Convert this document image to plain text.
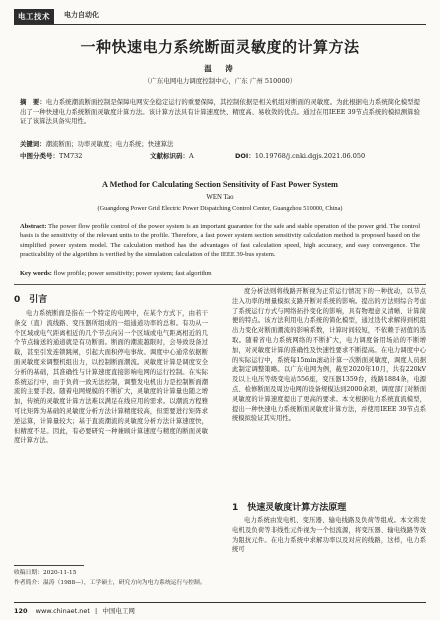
电工技术	电力自动化
一种快速电力系统断面灵敏度的计算方法
温　涛
（广东电网电力调度控制中心，广东 广州 510000）
摘　要：电力系统潮流断面控制是保障电网安全稳定运行的重要保障，其控制依据是相关机组对断面的灵敏度。为此根据电力系统简化模型提出了一种快速电力系统断面灵敏度计算方法。该计算方法具有计算速度快、精度高、易收敛的优点。通过在用IEEE 39节点系统的模拟测算验证了该算法具备实用性。
关键词：潮流断面；功率灵敏度；电力系统；快速算法
中图分类号：TM732	文献标识码：A	DOI：10.19768/j.cnki.dgjs.2021.06.050
A Method for Calculating Section Sensitivity of Fast Power System
WEN Tao
(Guangdong Power Grid Electric Power Dispatching Control Center, Guangzhou 510000, China)
Abstract: The power flow profile control of the power system is an important guarantee for the safe and stable operation of the power grid. The control basis is the sensitivity of the relevant units to the profile. Therefore, a fast power system section sensitivity calculation method is proposed based on the simplified power system model. The calculation method has the advantages of fast calculation speed, high accuracy, and easy convergence. The practicability of the algorithm is verified by the simulation calculation of the IEEE 39-bus system.
Key words: flow profile; power sensitivity; power system; fast algorithm
0　引言
电力系统断面是指在一个特定的电网中，在某个方式下，由若干条交（直）流线路、变压器所组成的一组通道功率的总和。有功从一个区域或电气距离相近的几个节点向另一个区域或电气距离相近的几个节点输送的通道就是有功断面。断面的潮流越限时，会导致设备过载，甚至引发连锁跳闸，引起大面积停电事故。调度中心通常依据断面灵敏度来调整机组出力，以控制断面潮流。灵敏度计算是调度安全分析的基础，其准确性与计算速度直接影响电网的运行控制。在实际系统运行中，由于负荷一致无法控制，调整发电机出力是控制断面潮流的主要手段。随着电网规模的不断扩大，灵敏度的计算量也随之增加，传统的灵敏度计算方法难以满足在线应用的需求。以潮流方程雅可比矩阵为基础的灵敏度分析方法计算精度较高，但需要进行矩阵求逆运算，计算量较大；基于直流潮流的灵敏度分析方法计算速度快，但精度不足。因此，有必要研究一种兼顾计算速度与精度的断面灵敏度计算方法。
度分析法则将线路开断视为正常运行情况下的一种扰动，以节点注入功率的增量模拟支路开断对系统的影响。提出的方法则综合考虑了系统运行方式与网络拓扑变化的影响，具有物理意义清晰、计算简便的特点。该方法利用电力系统的简化模型，通过迭代求解得到机组出力变化对断面潮流的影响系数，计算时间较短，不依赖于初值的选取。随着省电力系统网络的不断扩大，电力调度备用场站的不断增加，对灵敏度计算的准确性及快速性要求不断提高。在电力调度中心的实际运行中，系统每15min滚动计算一次断面灵敏度，调度人员据此制定调整策略。以广东电网为例，截至2020年10月，共有220kV及以上电压等级变电站556座，变压器1359台，线路1884条，电源点、检修断面及周边电网的设备规模达到2000余项，调度部门对断面灵敏度的计算速度提出了更高的要求。本文根据电力系统直流模型，提出一种快速电力系统断面灵敏度计算方法，并使用IEEE 39节点系统模拟验证其实用性。
1　快速灵敏度计算方法原理
电力系统由发电机、变压器、输电线路及负荷等组成。本文将发电机及负荷等非线性元件视为一个恒流源，将变压器、输电线路等效为阻抗元件。在电力系统中求解功率以及对应的线路，这样，电力系统可
收稿日期：2020-11-15
作者简介：温涛（1988—），工学硕士，研究方向为电力系统运行与控制。
120 www.chinaet.net | 中国电工网
